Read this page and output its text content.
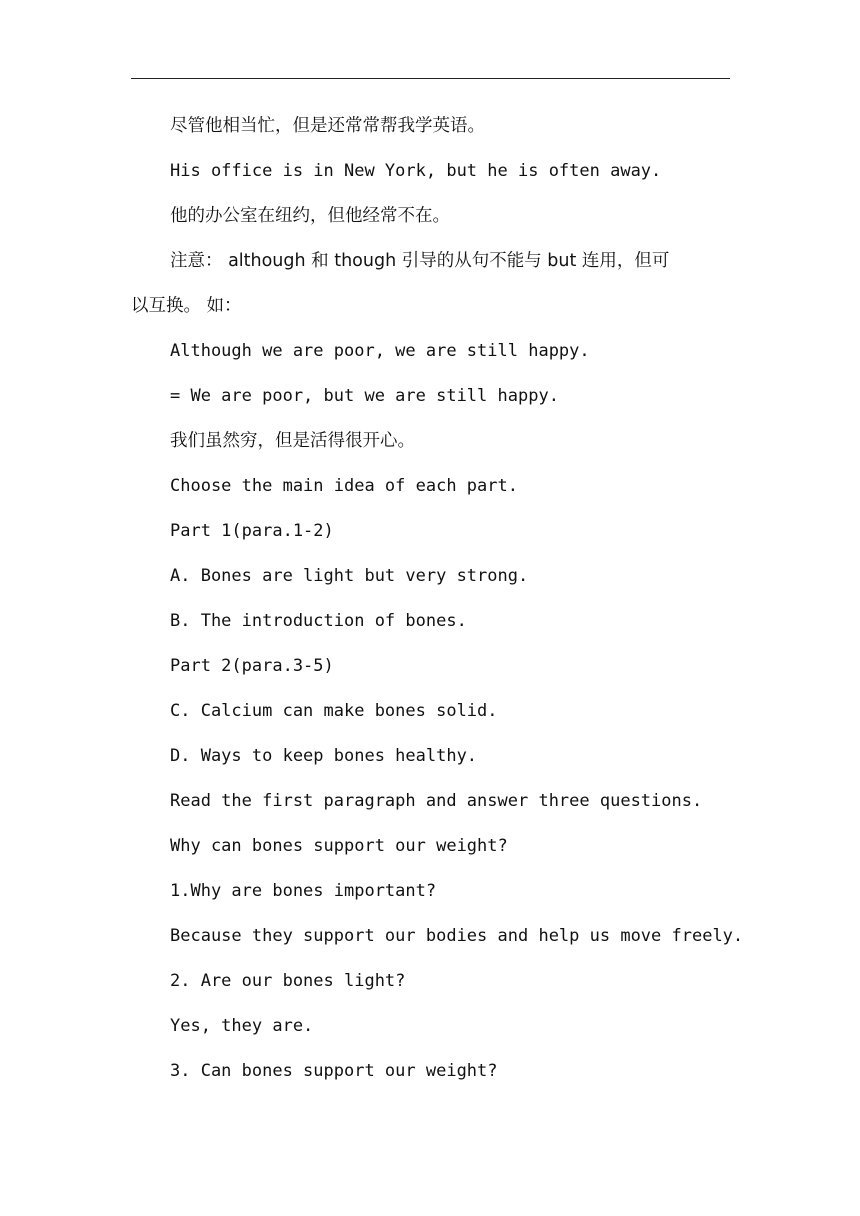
尽管他相当忙，但是还常常帮我学英语。
His office is in New York, but he is often away.
他的办公室在纽约，但他经常不在。
注意： although 和 though 引导的从句不能与 but 连用，但可
以互换。 如：
Although we are poor, we are still happy.
= We are poor, but we are still happy.
我们虽然穷，但是活得很开心。
Choose the main idea of each part.
Part 1(para.1-2)
A. Bones are light but very strong.
B. The introduction of bones.
Part 2(para.3-5)
C. Calcium can make bones solid.
D. Ways to keep bones healthy.
Read the first paragraph and answer three questions.
Why can bones support our weight?
1.Why are bones important?
Because they support our bodies and help us move freely.
2. Are our bones light?
Yes, they are.
3. Can bones support our weight?
